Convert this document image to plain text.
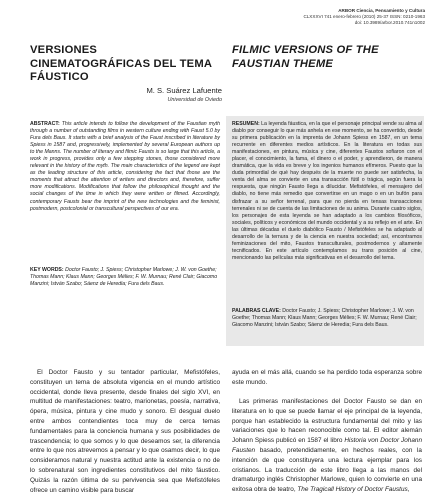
ARBOR Ciencia, Pensamiento y Cultura
CLXXXVI 741 enero-febrero (2010) 25-37 ISSN: 0210-1963
doi: 10.3989/arbor.2010.741n1002
VERSIONES CINEMATOGRÁFICAS DEL TEMA FÁUSTICO
FILMIC VERSIONS OF THE FAUSTIAN THEME
M. S. Suárez Lafuente
Universidad de Oviedo
ABSTRACT: This article intends to follow the development of the Faustian myth through a number of outstanding films in western culture ending with Faust 5.0 by Fura dels Baus. It starts with a brief analysis of the Faust inscribed in literature by Spiess in 1587 and, progressively, implemented by several European authors up to the Manns. The number of literary and filmic Fausts is so large that this article, a work in progress, provides only a few stepping stones, those considered more relevant in the history of the myth. The main characteristics of the legend are kept as the leading structure of this article, considering the fact that those are the moments that attract the attention of writers and directors and, therefore, suffer more modifications. Modifications that follow the philosophical thought and the social changes of the time in which they were written or filmed. Accordingly, contemporary Fausts bear the imprint of the new technologies and the feminist, postmodern, postcolonial or transcultural perspectives of our era.
KEY WORDS: Doctor Fausto; J. Spiess; Christopher Marlowe; J. W. von Goethe; Thomas Mann; Klaus Mann; Georges Mélies; F. W. Murnau; René Clair; Giacomo Manzini; István Szabo; Sáenz de Heredia; Fura dels Baus.
RESUMEN: La leyenda fáustica, en la que el personaje principal vende su alma al diablo por conseguir lo que más anhela en ese momento, se ha convertido, desde su primera publicación en la imprenta de Johann Spiess en 1587, en un tema recurrente en diferentes medios artísticos. En la literatura en todas sus manifestaciones, en pintura, música y cine, diferentes Faustos sofiaron con el placer, el conocimiento, la fama, el dinero o el poder, y aprendieron, de manera dramática, que la vida es breve y los ingenios humanos efímeros. Puesto que la duda primordial de qué hay después de la muerte no puede ser satisfecha, la venta del alma se convierte en una transacción fútil o trágica, según fuera la respuesta, que ningún Fausto llega a dilucidar. Mefistófeles, el mensajero del diablo, no tiene más remedio que convertirse en un mago o en un bufón para disfrazar a su señor terrenal, para que no pierda en tensas transacciones terrenales ni se de cuenta de las limitaciones de su anima. Durante cuatro siglos, los personajes de esta leyenda se han adaptado a los cambios filosóficos, sociales, políticos y económicos del mundo occidental y a su reflejo en el arte. En las últimas décadas el duelo diabólico Fausto / Mefistófeles se ha adaptado al desarrollo de la ternura y de la ciencia en nuestra sociedad; así, encontramos feminizaciones del mito, Faustos transculturales, postmodernos y altamente tecnificados. En este artículo contemplamos su trans posición al cine, mencionando las películas más significativas en el desarrollo del tema.
PALABRAS CLAVE: Doctor Fausto; J. Spiess; Christopher Marlowe; J. W. von Goethe; Thomas Mann; Klaus Mann; Georges Mélies; F. W. Murnau; René Clair; Giacomo Manzini; István Szabo; Sáenz de Heredia; Fura dels Baus.
El Doctor Fausto y su tentador particular, Mefistófeles, constituyen un tema de absoluta vigencia en el mundo artístico occidental, donde lleva presente, desde finales del siglo XVI, en multitud de manifestaciones: teatro, marionetas, poesía, narrativa, ópera, música, pintura y cine mudo y sonoro. El desgual duelo entre ambos contendientes toca muy de cerca temas fundamentales para la conciencia humana y sus posibilidades de trascendencia; lo que somos y lo que deseamos ser, la diferencia entre lo que nos atrevemos a pensar y lo que osamos decir, lo que consideramos natural y nuestra actitud ante la existencia o no de lo sobrenatural son ingredientes constitutivos del mito fáustico. Quizás la razón última de su pervivencia sea que Mefistófeles ofrece un camino visible para buscar
ayuda en el más allá, cuando se ha perdido toda esperanza sobre este mundo.
Las primeras manifestaciones del Doctor Fausto se dan en literatura en lo que se puede llamar el eje principal de la leyenda, porque han establecido la estructura fundamental del mito y las variaciones que lo hacen reconocible como tal. El editor alemán Johann Spiess publicó en 1587 el libro Historia von Doctor Johann Fausten basado, pretendidamente, en hechos reales, con la intención de que constituyera una lectura ejemplar para los cristianos. La traducción de este libro llega a las manos del dramaturgo inglés Christopher Marlowe, quien lo convierte en una exitosa obra de teatro, The Tragicall History of Doctor Faustus,
